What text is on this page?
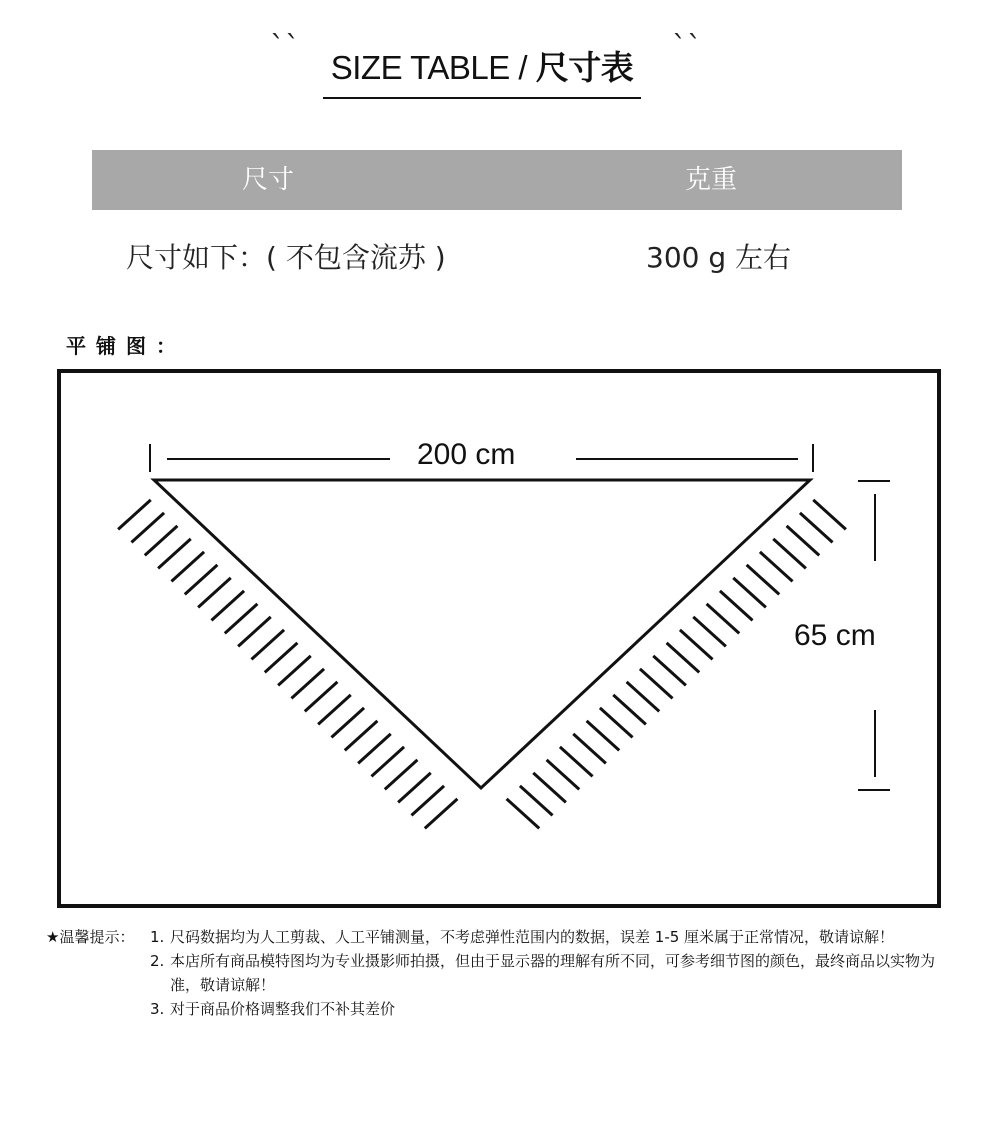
``
SIZE TABLE / 尺寸表
``
尺寸	克重
尺寸如下：( 不包含流苏 )	300 g 左右
平铺图：
200 cm
65 cm
★温馨提示：	1. 尺码数据均为人工剪裁、人工平铺测量，不考虑弹性范围内的数据，误差 1-5 厘米属于正常情况，敬请谅解！
2. 本店所有商品模特图均为专业摄影师拍摄，但由于显示器的理解有所不同，可参考细节图的颜色，最终商品以实物为准，敬请谅解！
3. 对于商品价格调整我们不补其差价
